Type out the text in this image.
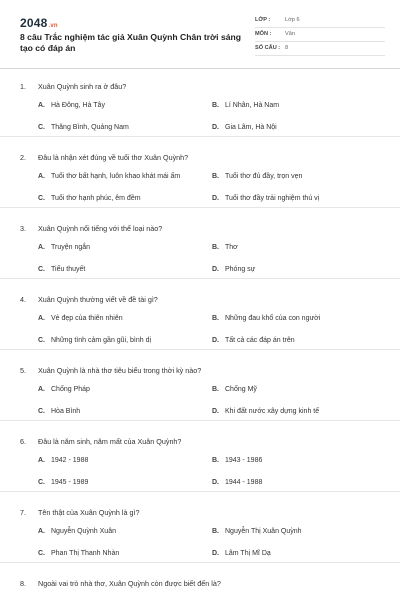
2048.vn
8 câu Trắc nghiệm tác giả Xuân Quỳnh Chân trời sáng tạo có đáp án
LỚP :	Lớp 6
MÔN : Văn
SỐ CÂU : 8
1. Xuân Quỳnh sinh ra ở đâu?
A. Hà Đông, Hà Tây	B. Lí Nhân, Hà Nam
C. Thăng Bình, Quảng Nam	D. Gia Lâm, Hà Nội
2. Đâu là nhận xét đúng về tuổi thơ Xuân Quỳnh?
A. Tuổi thơ bất hạnh, luôn khao khát mái ấm	B. Tuổi thơ đủ đầy, trọn vẹn
C. Tuổi thơ hạnh phúc, êm đềm	D. Tuổi thơ đầy trải nghiệm thú vị
3. Xuân Quỳnh nổi tiếng với thể loại nào?
A. Truyện ngắn	B. Thơ
C. Tiểu thuyết	D. Phóng sự
4. Xuân Quỳnh thường viết về đề tài gì?
A. Vẻ đẹp của thiên nhiên	B. Những đau khổ của con người
C. Những tình cảm gần gũi, bình dị	D. Tất cả các đáp án trên
5. Xuân Quỳnh là nhà thơ tiêu biểu trong thời kỳ nào?
A. Chống Pháp	B. Chống Mỹ
C. Hòa Bình	D. Khi đất nước xây dựng kinh tế
6. Đâu là năm sinh, năm mất của Xuân Quỳnh?
A. 1942 - 1988	B. 1943 - 1986
C. 1945 - 1989	D. 1944 - 1988
7. Tên thật của Xuân Quỳnh là gì?
A. Nguyễn Quỳnh Xuân	B. Nguyễn Thị Xuân Quỳnh
C. Phan Thị Thanh Nhàn	D. Lâm Thị Mĩ Dạ
8. Ngoài vai trò nhà thơ, Xuân Quỳnh còn được biết đến là?
